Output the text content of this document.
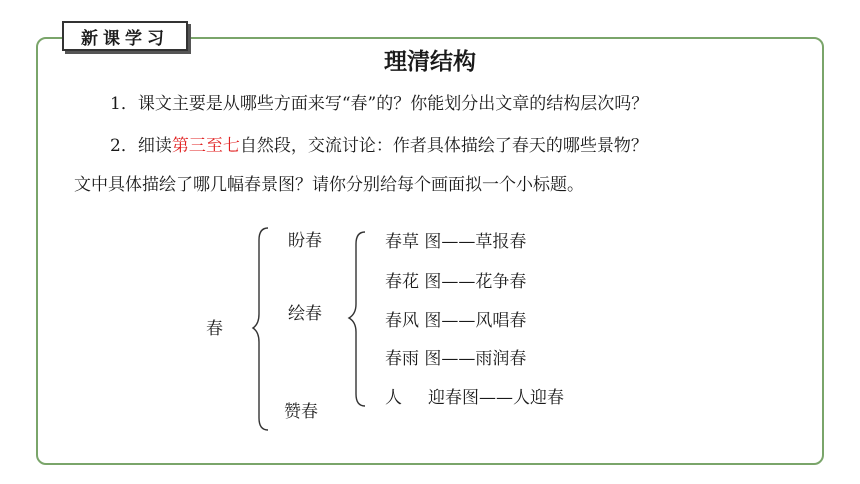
新课学习
理清结构
1．课文主要是从哪些方面来写“春”的？你能划分出文章的结构层次吗？
2．细读第三至七自然段，交流讨论：作者具体描绘了春天的哪些景物？
文中具体描绘了哪几幅春景图？请你分别给每个画面拟一个小标题。
春
盼春
绘春
赞春
春草 图——草报春
春花 图——花争春
春风 图——风唱春
春雨 图——雨润春
人 迎春图——人迎春
